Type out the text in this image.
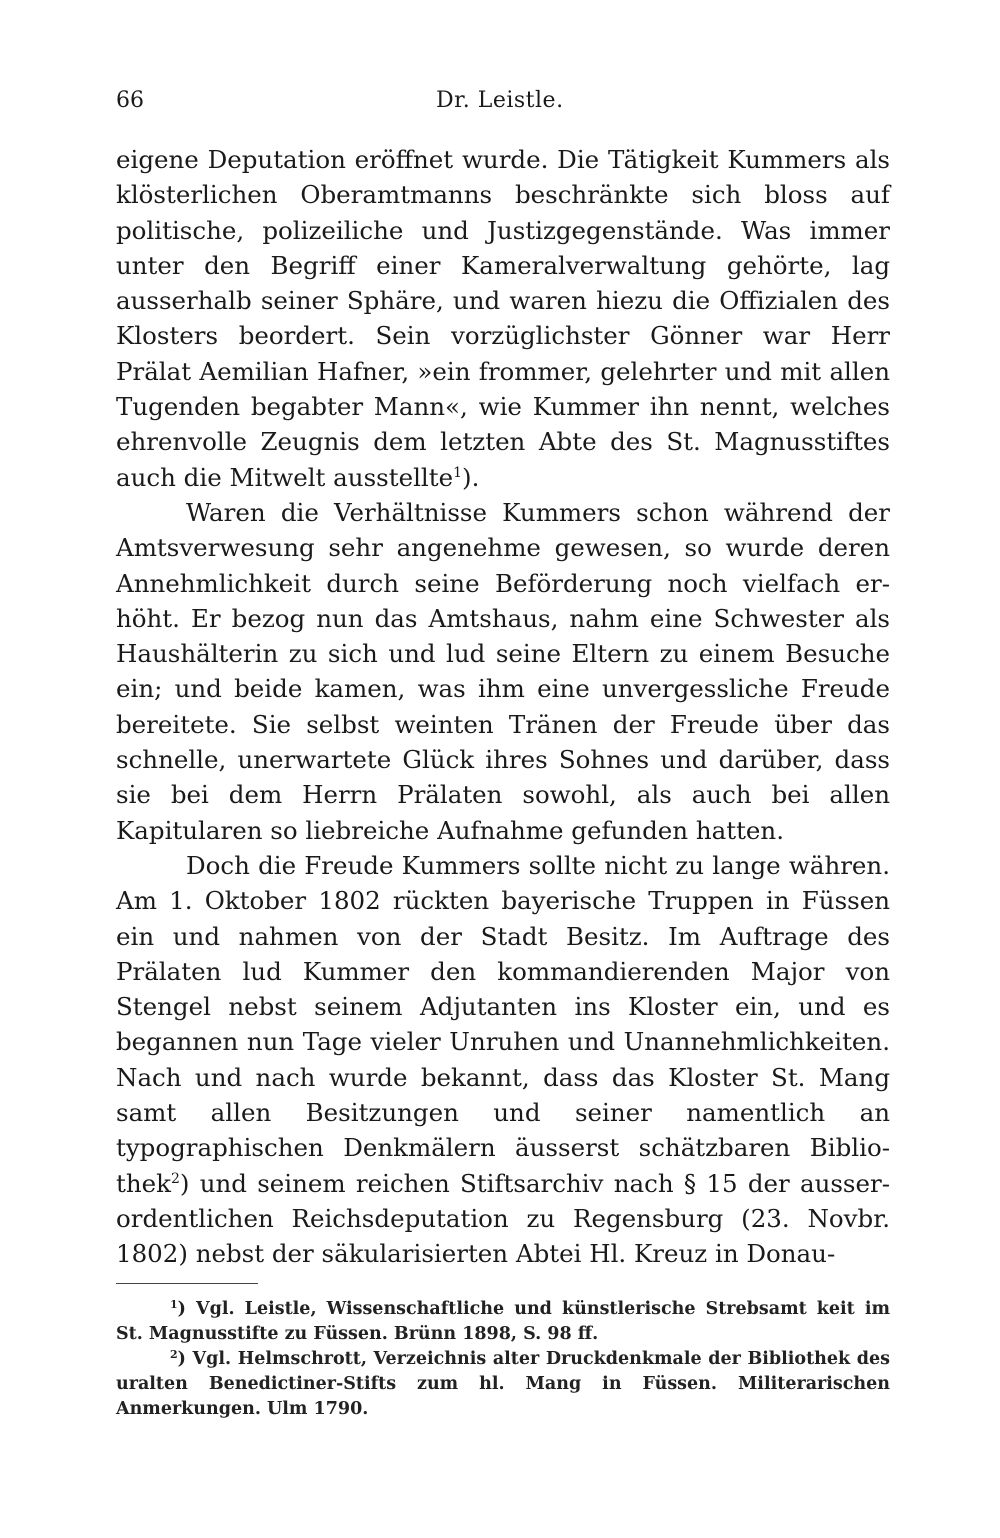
66	Dr. Leistle.

eigene Deputation eröffnet wurde. Die Tätigkeit Kummers als klösterlichen Oberamtmanns beschränkte sich bloss auf politische, polizeiliche und Justizgegenstände. Was immer unter den Begriff einer Kameralverwaltung gehörte, lag ausserhalb seiner Sphäre, und waren hiezu die Offizialen des Klosters beordert. Sein vorzüglichster Gönner war Herr Prälat Aemilian Hafner, »ein frommer, gelehrter und mit allen Tugenden begabter Mann«, wie Kummer ihn nennt, welches ehrenvolle Zeugnis dem letzten Abte des St. Magnusstiftes auch die Mitwelt ausstellte$^1$).

Waren die Verhältnisse Kummers schon während der Amtsverwesung sehr angenehme gewesen, so wurde deren Annehmlichkeit durch seine Beförderung noch vielfach erhöht. Er bezog nun das Amtshaus, nahm eine Schwester als Haushälterin zu sich und lud seine Eltern zu einem Besuche ein; und beide kamen, was ihm eine unvergessliche Freude bereitete. Sie selbst weinten Tränen der Freude über das schnelle, unerwartete Glück ihres Sohnes und darüber, dass sie bei dem Herrn Prälaten sowohl, als auch bei allen Kapitularen so liebreiche Aufnahme gefunden hatten.

Doch die Freude Kummers sollte nicht zu lange währen. Am 1. Oktober 1802 rückten bayerische Truppen in Füssen ein und nahmen von der Stadt Besitz. Im Auftrage des Prälaten lud Kummer den kommandierenden Major von Stengel nebst seinem Adjutanten ins Kloster ein, und es begannen nun Tage vieler Unruhen und Unannehmlichkeiten. Nach und nach wurde bekannt, dass das Kloster St. Mang samt allen Besitzungen und seiner namentlich an typographischen Denkmälern äusserst schätzbaren Bibliothek$^2$) und seinem reichen Stiftsarchiv nach § 15 der ausserordentlichen Reichsdeputation zu Regensburg (23. Novbr. 1802) nebst der säkularisierten Abtei Hl. Kreuz in Donau-

$^1$) Vgl. Leistle, Wissenschaftliche und künstlerische Strebsamt keit im St. Magnusstifte zu Füssen. Brünn 1898, S. 98 ff.

$^2$) Vgl. Helmschrott, Verzeichnis alter Druckdenkmale der Bibliothek des uralten Benedictiner-Stifts zum hl. Mang in Füssen. Militerarischen Anmerkungen. Ulm 1790.
